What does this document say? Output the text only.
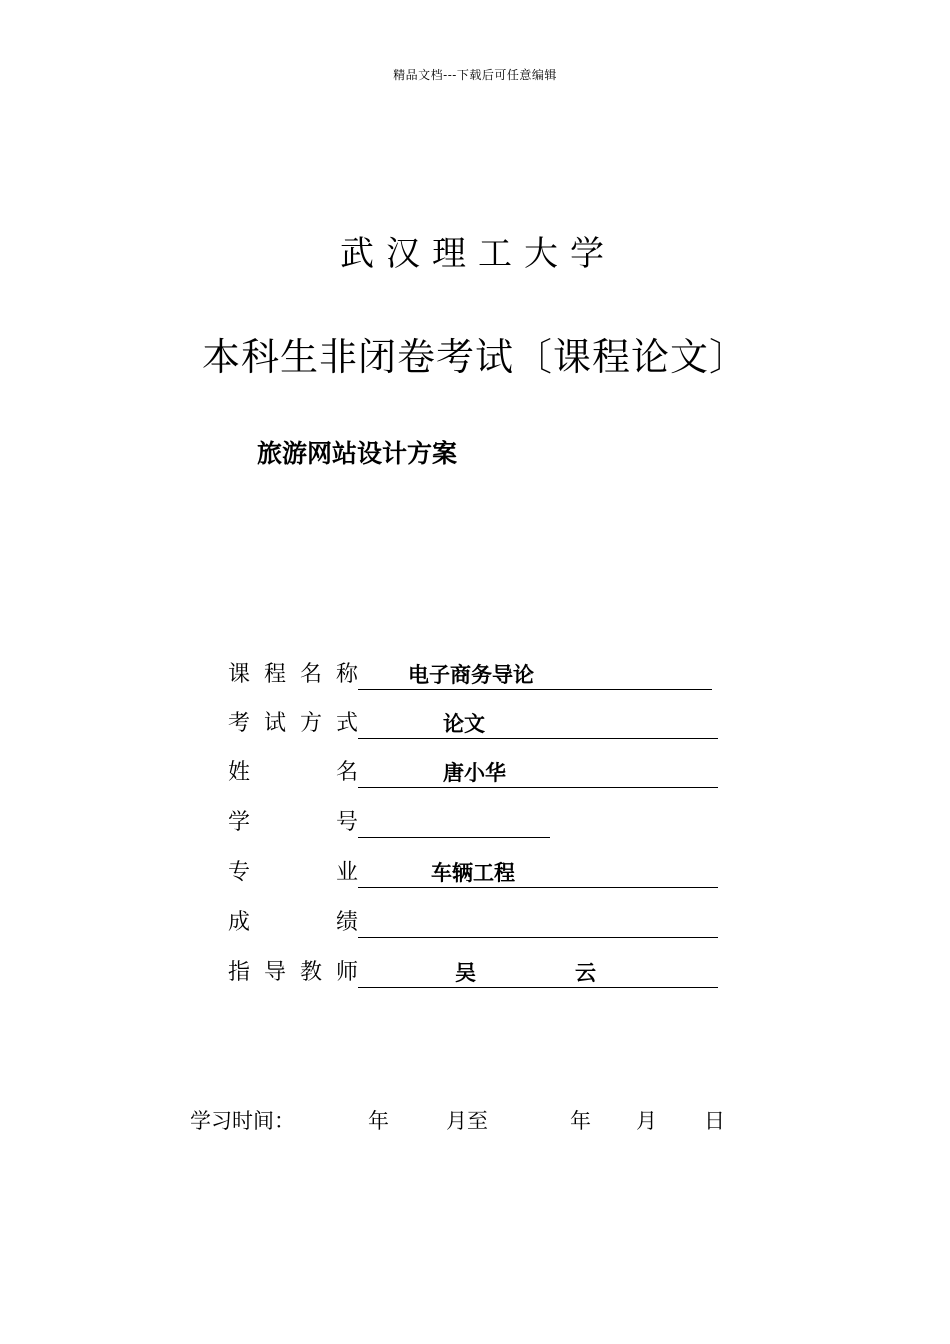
精品文档---下载后可任意编辑
武汉理工大学
本科生非闭卷考试〔课程论文〕
旅游网站设计方案
课 程 名 称 电子商务导论
考 试 方 式	论文
姓	名	唐小华
学	号
专	业	车辆工程
成	绩
指 导 教 师	吴	云
学习时间：	年	月至	年 月 日
